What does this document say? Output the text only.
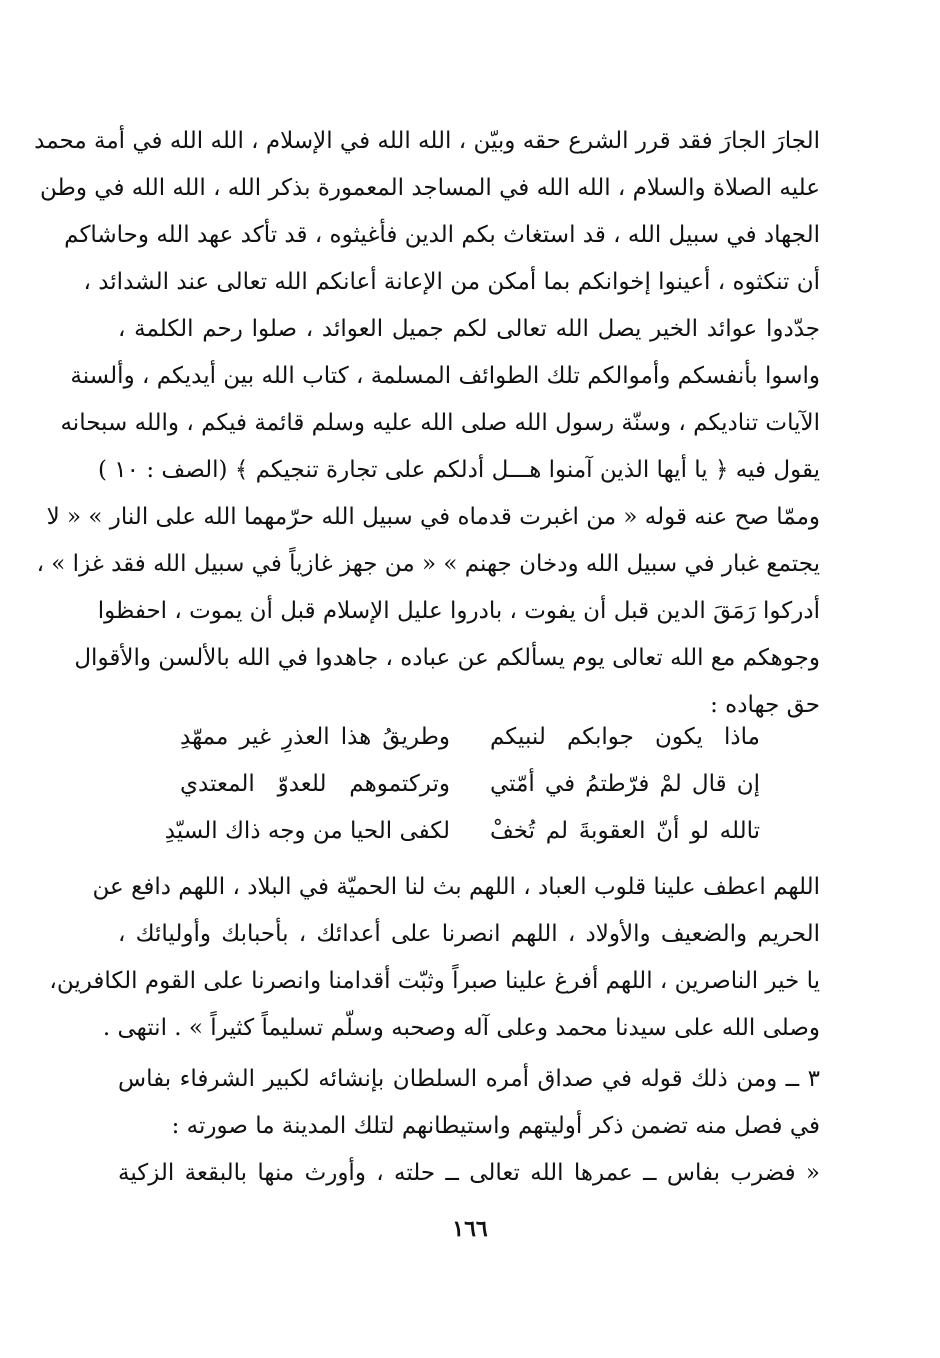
الجارَ الجارَ فقد قرر الشرع حقه وبيّن ، الله الله في الإسلام ، الله الله في أمة محمد
عليه الصلاة والسلام ، الله الله في المساجد المعمورة بذكر الله ، الله الله في وطن
الجهاد في سبيل الله ، قد استغاث بكم الدين فأغيثوه ، قد تأكد عهد الله وحاشاكم
أن تنكثوه ، أعينوا إخوانكم بما أمكن من الإعانة أعانكم الله تعالى عند الشدائد ،
جدّدوا عوائد الخير يصل الله تعالى لكم جميل العوائد ، صلوا رحم الكلمة ،
واسوا بأنفسكم وأموالكم تلك الطوائف المسلمة ، كتاب الله بين أيديكم ، وألسنة
الآيات تناديكم ، وسنّة رسول الله صلى الله عليه وسلم قائمة فيكم ، والله سبحانه
يقول فيه ﴿ يا أيها الذين آمنوا هـــل أدلكم على تجارة تنجيكم ﴾ (الصف : ١٠ )
وممّا صح عنه قوله « من اغبرت قدماه في سبيل الله حرّمهما الله على النار » « لا
يجتمع غبار في سبيل الله ودخان جهنم » « من جهز غازياً في سبيل الله فقد غزا » ،
أدركوا رَمَقَ الدين قبل أن يفوت ، بادروا عليل الإسلام قبل أن يموت ، احفظوا
وجوهكم مع الله تعالى يوم يسألكم عن عباده ، جاهدوا في الله بالألسن والأقوال
حق جهاده :
ماذا يكون جوابكم لنبيكم
وطريقُ هذا العذرِ غير ممهّدِ
إن قال لمْ فرّطتمُ في أمّتي
وتركتموهم للعدوّ المعتدي
تالله لو أنّ العقوبةَ لم تُخفْ
لكفى الحيا من وجه ذاك السيّدِ
اللهم اعطف علينا قلوب العباد ، اللهم بث لنا الحميّة في البلاد ، اللهم دافع عن
الحريم والضعيف والأولاد ، اللهم انصرنا على أعدائك ، بأحبابك وأوليائك ،
يا خير الناصرين ، اللهم أفرغ علينا صبراً وثبّت أقدامنا وانصرنا على القوم الكافرين،
وصلى الله على سيدنا محمد وعلى آله وصحبه وسلّم تسليماً كثيراً » . انتهى .
٣ ــ ومن ذلك قوله في صداق أمره السلطان بإنشائه لكبير الشرفاء بفاس
في فصل منه تضمن ذكر أوليتهم واستيطانهم لتلك المدينة ما صورته :
« فضرب بفاس ــ عمرها الله تعالى ــ حلته ، وأورث منها بالبقعة الزكية
١٦٦
